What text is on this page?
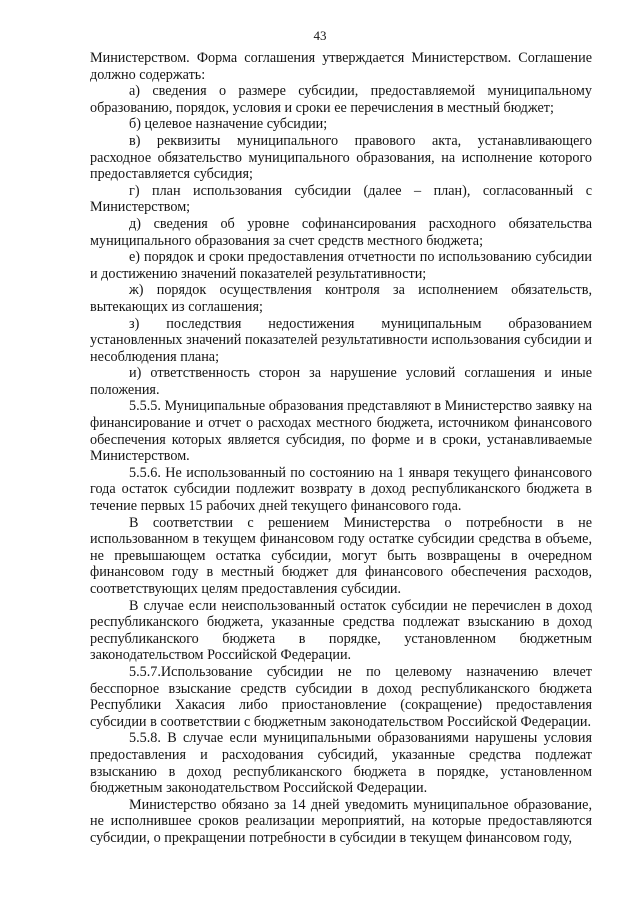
43

Министерством. Форма соглашения утверждается Министерством. Соглашение должно содержать:

а) сведения о размере субсидии, предоставляемой муниципальному образованию, порядок, условия и сроки ее перечисления в местный бюджет;

б) целевое назначение субсидии;

в) реквизиты муниципального правового акта, устанавливающего расходное обязательство муниципального образования, на исполнение которого предоставляется субсидия;

г) план использования субсидии (далее – план), согласованный с Министерством;

д) сведения об уровне софинансирования расходного обязательства муниципального образования за счет средств местного бюджета;

е) порядок и сроки предоставления отчетности по использованию субсидии и достижению значений показателей результативности;

ж) порядок осуществления контроля за исполнением обязательств, вытекающих из соглашения;

з) последствия недостижения муниципальным образованием установленных значений показателей результативности использования субсидии и несоблюдения плана;

и) ответственность сторон за нарушение условий соглашения и иные положения.

5.5.5. Муниципальные образования представляют в Министерство заявку на финансирование и отчет о расходах местного бюджета, источником финансового обеспечения которых является субсидия, по форме и в сроки, устанавливаемые Министерством.

5.5.6. Не использованный по состоянию на 1 января текущего финансового года остаток субсидии подлежит возврату в доход республиканского бюджета в течение первых 15 рабочих дней текущего финансового года.

В соответствии с решением Министерства о потребности в не использованном в текущем финансовом году остатке субсидии средства в объеме, не превышающем остатка субсидии, могут быть возвращены в очередном финансовом году в местный бюджет для финансового обеспечения расходов, соответствующих целям предоставления субсидии.

В случае если неиспользованный остаток субсидии не перечислен в доход республиканского бюджета, указанные средства подлежат взысканию в доход республиканского бюджета в порядке, установленном бюджетным законодательством Российской Федерации.

5.5.7.Использование субсидии не по целевому назначению влечет бесспорное взыскание средств субсидии в доход республиканского бюджета Республики Хакасия либо приостановление (сокращение) предоставления субсидии в соответствии с бюджетным законодательством Российской Федерации.

5.5.8. В случае если муниципальными образованиями нарушены условия предоставления и расходования субсидий, указанные средства подлежат взысканию в доход республиканского бюджета в порядке, установленном бюджетным законодательством Российской Федерации.

Министерство обязано за 14 дней уведомить муниципальное образование, не исполнившее сроков реализации мероприятий, на которые предоставляются субсидии, о прекращении потребности в субсидии в текущем финансовом году,
